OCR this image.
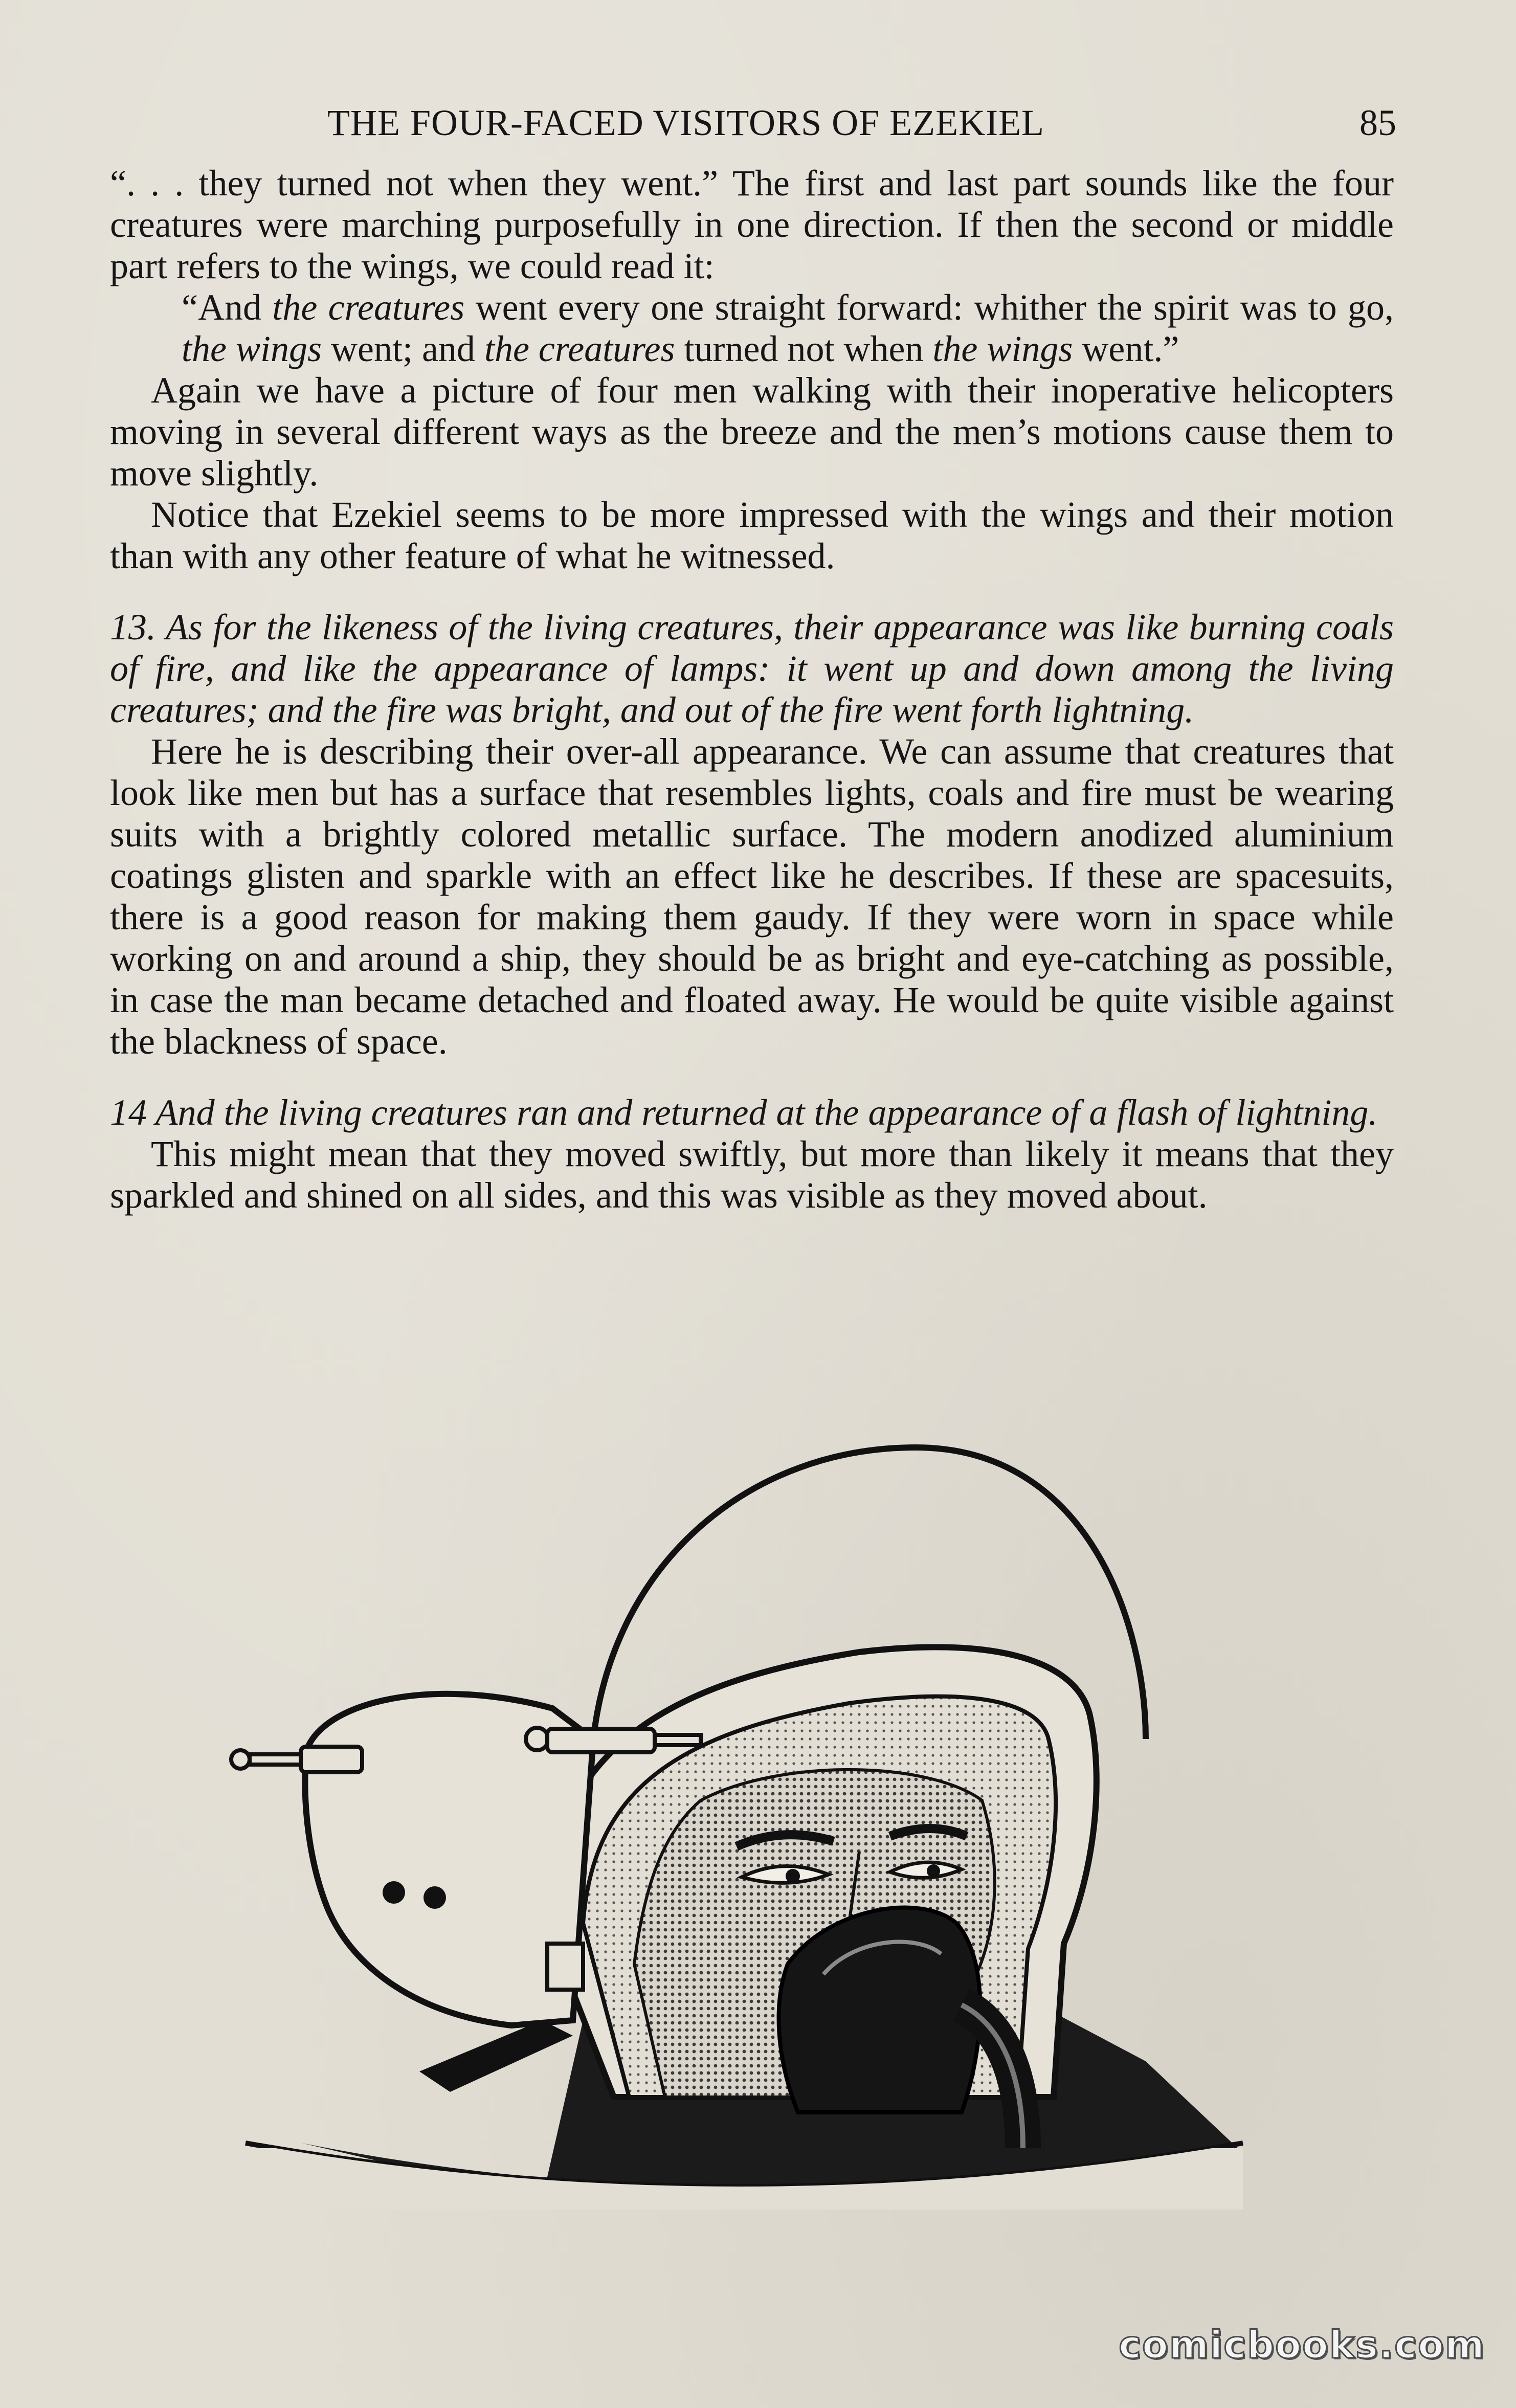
THE FOUR-FACED VISITORS OF EZEKIEL	85

“. . . they turned not when they went.” The first and last part sounds like the four creatures were marching purposefully in one direction. If then the second or middle part refers to the wings, we could read it:

“And the creatures went every one straight forward: whither the spirit was to go, the wings went; and the creatures turned not when the wings went.”

Again we have a picture of four men walking with their inoperative helicopters moving in several different ways as the breeze and the men’s motions cause them to move slightly.

Notice that Ezekiel seems to be more impressed with the wings and their motion than with any other feature of what he witnessed.

13. As for the likeness of the living creatures, their appearance was like burning coals of fire, and like the appearance of lamps: it went up and down among the living creatures; and the fire was bright, and out of the fire went forth lightning.

Here he is describing their over-all appearance. We can assume that creatures that look like men but has a surface that resembles lights, coals and fire must be wearing suits with a brightly colored metallic surface. The modern anodized aluminium coatings glisten and sparkle with an effect like he describes. If these are spacesuits, there is a good reason for making them gaudy. If they were worn in space while working on and around a ship, they should be as bright and eye-catching as possible, in case the man became detached and floated away. He would be quite visible against the blackness of space.

14 And the living creatures ran and returned at the appearance of a flash of lightning.

This might mean that they moved swiftly, but more than likely it means that they sparkled and shined on all sides, and this was visible as they moved about.

comicbooks.com
